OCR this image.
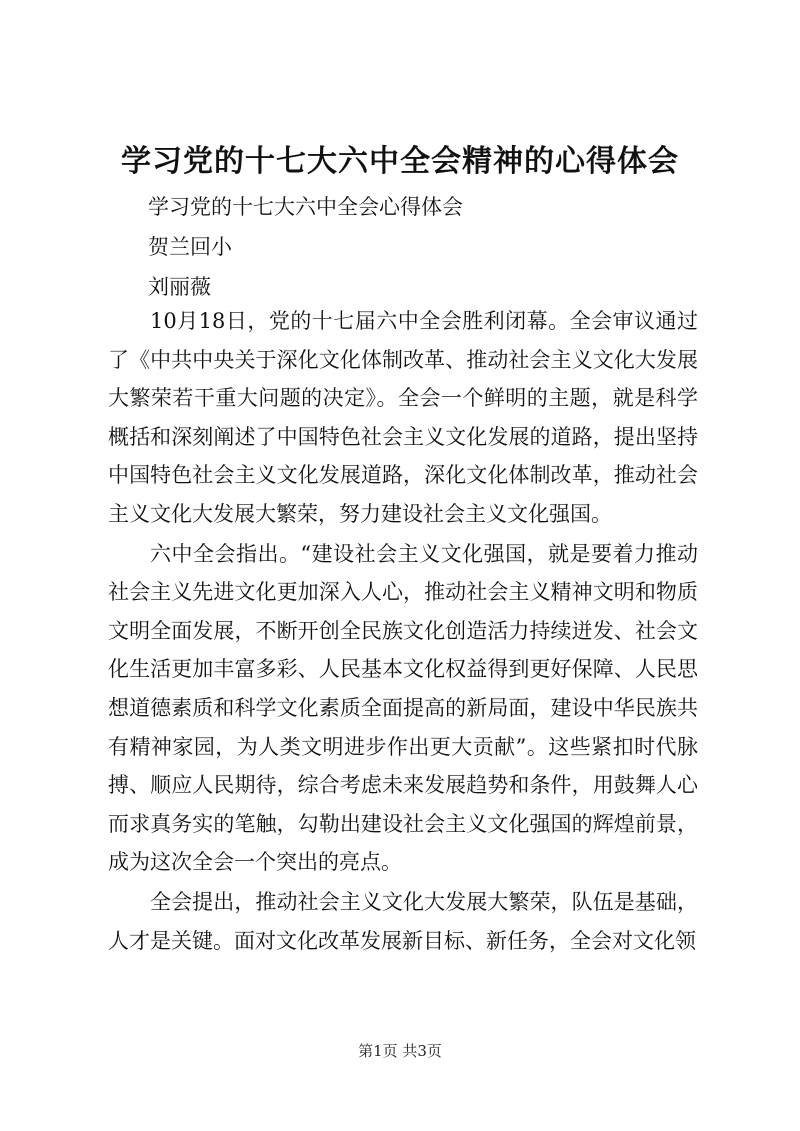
学习党的十七大六中全会精神的心得体会

学习党的十七大六中全会心得体会

贺兰回小

刘丽薇

10月18日，党的十七届六中全会胜利闭幕。全会审议通过了《中共中央关于深化文化体制改革、推动社会主义文化大发展大繁荣若干重大问题的决定》。全会一个鲜明的主题，就是科学概括和深刻阐述了中国特色社会主义文化发展的道路，提出坚持中国特色社会主义文化发展道路，深化文化体制改革，推动社会主义文化大发展大繁荣，努力建设社会主义文化强国。

六中全会指出。“建设社会主义文化强国，就是要着力推动社会主义先进文化更加深入人心，推动社会主义精神文明和物质文明全面发展，不断开创全民族文化创造活力持续迸发、社会文化生活更加丰富多彩、人民基本文化权益得到更好保障、人民思想道德素质和科学文化素质全面提高的新局面，建设中华民族共有精神家园，为人类文明进步作出更大贡献”。这些紧扣时代脉搏、顺应人民期待，综合考虑未来发展趋势和条件，用鼓舞人心而求真务实的笔触，勾勒出建设社会主义文化强国的辉煌前景，成为这次全会一个突出的亮点。

全会提出，推动社会主义文化大发展大繁荣，队伍是基础，人才是关键。面对文化改革发展新目标、新任务，全会对文化领

第1页 共3页
